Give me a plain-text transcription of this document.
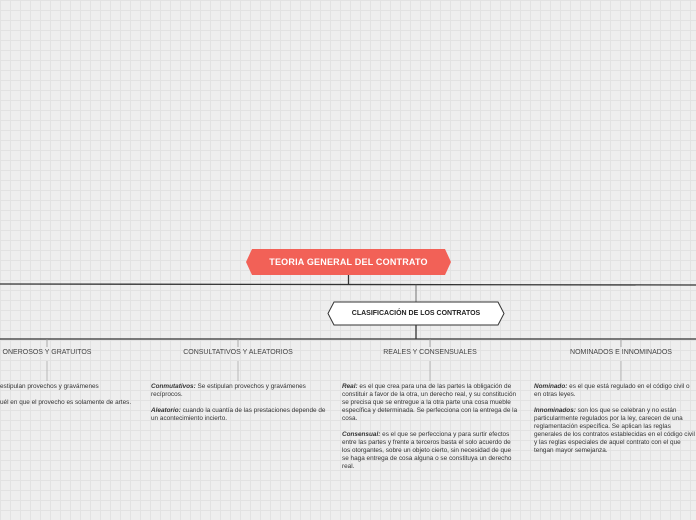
TEORIA GENERAL DEL CONTRATO
CLASIFICACIÓN DE LOS CONTRATOS
ONEROSOS Y GRATUITOS	CONSULTATIVOS Y ALEATORIOS	REALES Y CONSENSUALES	NOMINADOS E INNOMINADOS

estipulan provechos y gravámenes

uél en que el provecho es solamente de artes.

Conmutativos: Se estipulan provechos y gravámenes recíprocos.

Aleatorio: cuando la cuantía de las prestaciones depende de un acontecimiento incierto.

Real: es el que crea para una de las partes la obligación de constituir a favor de la otra, un derecho real, y su constitución se precisa que se entregue a la otra parte una cosa mueble específica y determinada. Se perfecciona con la entrega de la cosa.

Consensual: es el que se perfecciona y para surtir efectos entre las partes y frente a terceros basta el solo acuerdo de los otorgantes, sobre un objeto cierto, sin necesidad de que se haga entrega de cosa alguna o se constituya un derecho real.

Nominado: es el que está regulado en el código civil o en otras leyes.

Innominados: son los que se celebran y no están particularmente regulados por la ley, carecen de una reglamentación específica. Se aplican las reglas generales de los contratos establecidas en el código civil y las reglas especiales de aquel contrato con el que tengan mayor semejanza.
